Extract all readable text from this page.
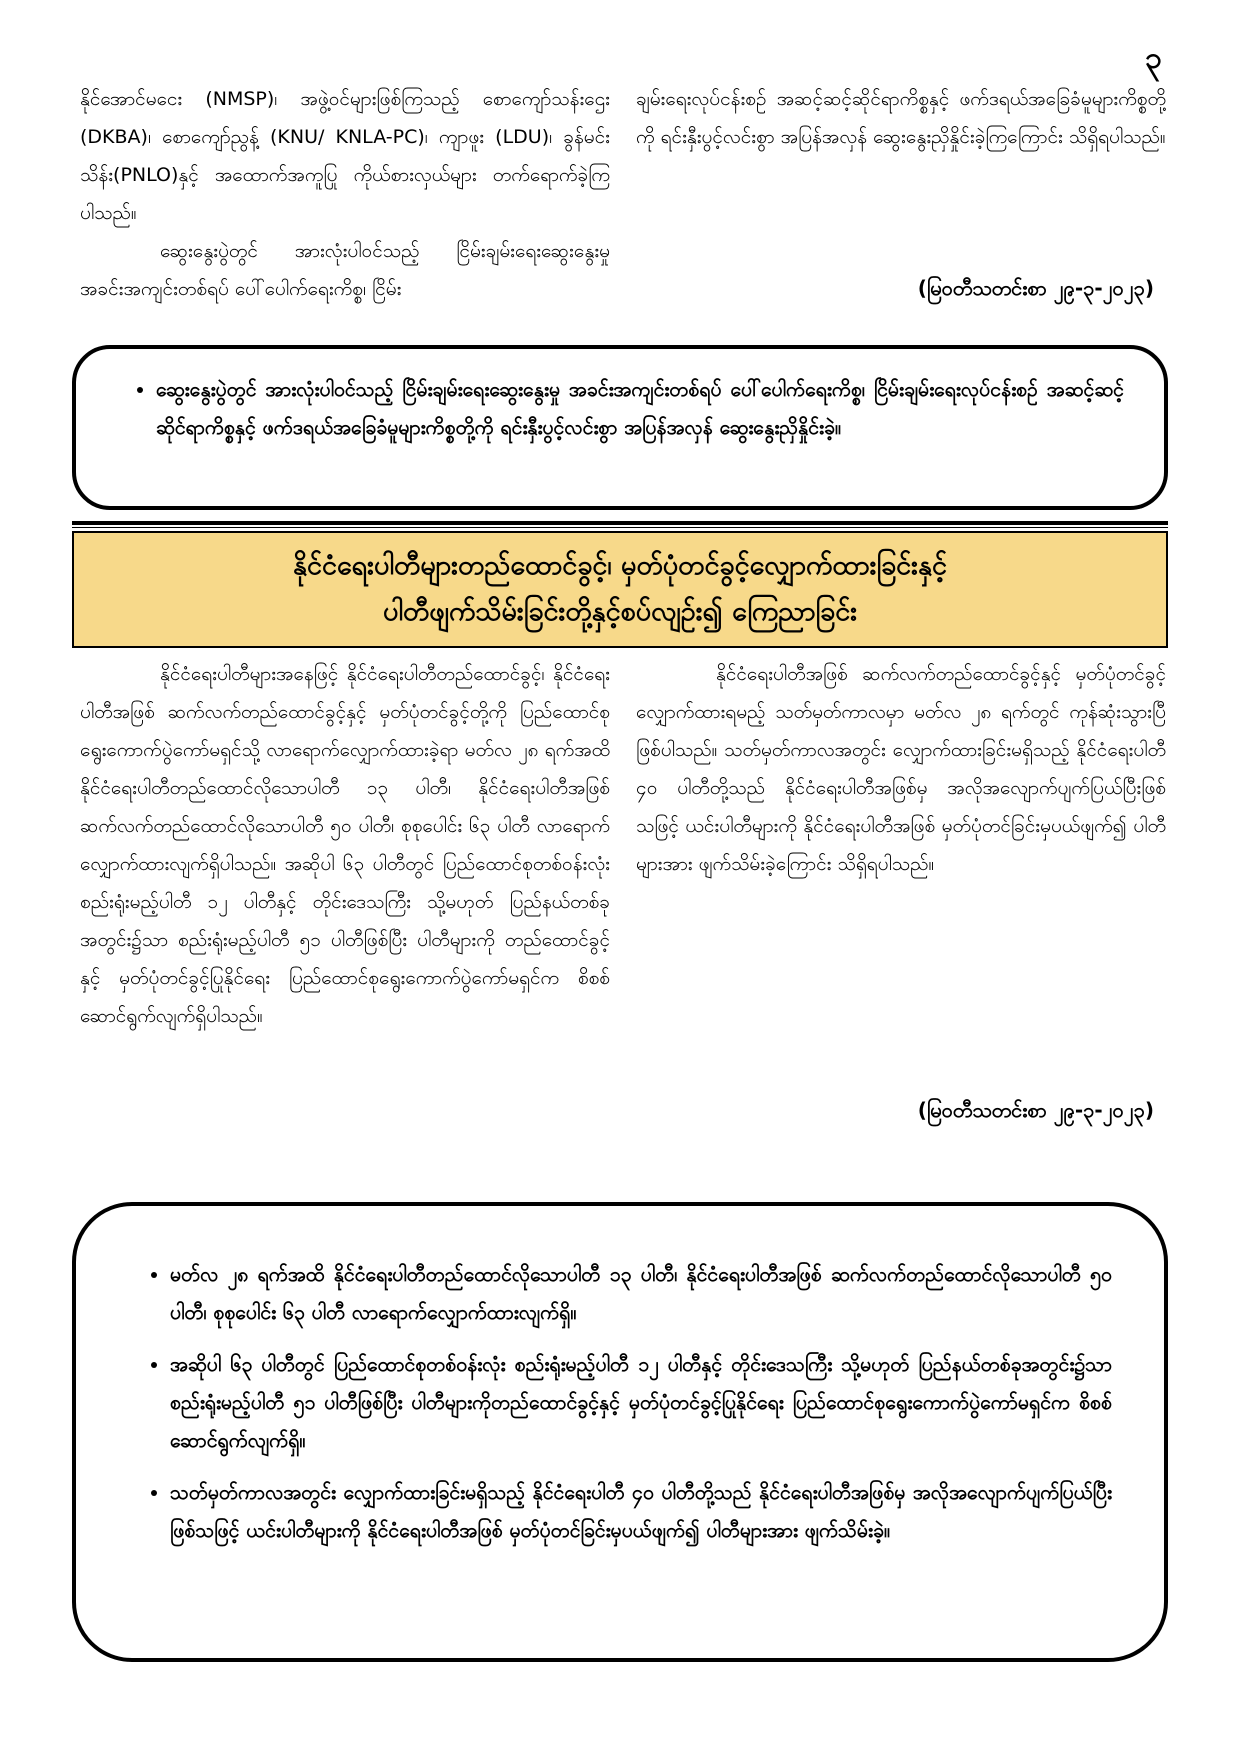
၃

နိုင်အောင်မငေး (NMSP)၊ အဖွဲ့ဝင်များဖြစ်ကြသည့် စောကျော်သန်းဌေး (DKBA)၊ စောကျော်ညွန့် (KNU/ KNLA-PC)၊ ကျာဖူး (LDU)၊ ခွန်မင်းသိန်း(PNLO)နှင့် အထောက်အကူပြု ကိုယ်စားလှယ်များ တက်ရောက်ခဲ့ကြပါသည်။

ဆွေးနွေးပွဲတွင် အားလုံးပါဝင်သည့် ငြိမ်းချမ်းရေးဆွေးနွေးမှု အခင်းအကျင်းတစ်ရပ် ပေါ်ပေါက်ရေးကိစ္စ၊ ငြိမ်း

ချမ်းရေးလုပ်ငန်းစဉ် အဆင့်ဆင့်ဆိုင်ရာကိစ္စနှင့် ဖက်ဒရယ်အခြေခံမူများကိစ္စတို့ကို ရင်းနှီးပွင့်လင်းစွာ အပြန်အလှန် ဆွေးနွေးညှိနှိုင်းခဲ့ကြကြောင်း သိရှိရပါသည်။

(မြဝတီသတင်းစာ ၂၉-၃-၂၀၂၃)
• ဆွေးနွေးပွဲတွင် အားလုံးပါဝင်သည့် ငြိမ်းချမ်းရေးဆွေးနွေးမှု အခင်းအကျင်းတစ်ရပ် ပေါ်ပေါက်ရေးကိစ္စ၊ ငြိမ်းချမ်းရေးလုပ်ငန်းစဉ် အဆင့်ဆင့်ဆိုင်ရာကိစ္စနှင့် ဖက်ဒရယ်အခြေခံမူများကိစ္စတို့ကို ရင်းနှီးပွင့်လင်းစွာ အပြန်အလှန် ဆွေးနွေးညှိနှိုင်းခဲ့။
နိုင်ငံရေးပါတီများတည်ထောင်ခွင့်၊ မှတ်ပုံတင်ခွင့်လျှောက်ထားခြင်းနှင့်
ပါတီဖျက်သိမ်းခြင်းတို့နှင့်စပ်လျဉ်း၍ ကြေညာခြင်း

နိုင်ငံရေးပါတီများအနေဖြင့် နိုင်ငံရေးပါတီတည်ထောင်ခွင့်၊ နိုင်ငံရေးပါတီအဖြစ် ဆက်လက်တည်ထောင်ခွင့်နှင့် မှတ်ပုံတင်ခွင့်တို့ကို ပြည်ထောင်စုရွေးကောက်ပွဲကော်မရှင်သို့ လာရောက်လျှောက်ထားခဲ့ရာ မတ်လ ၂၈ ရက်အထိ နိုင်ငံရေးပါတီတည်ထောင်လိုသောပါတီ ၁၃ ပါတီ၊ နိုင်ငံရေးပါတီအဖြစ် ဆက်လက်တည်ထောင်လိုသောပါတီ ၅၀ ပါတီ၊ စုစုပေါင်း ၆၃ ပါတီ လာရောက်လျှောက်ထားလျက်ရှိပါသည်။ အဆိုပါ ၆၃ ပါတီတွင် ပြည်ထောင်စုတစ်ဝန်းလုံးစည်းရုံးမည့်ပါတီ ၁၂ ပါတီနှင့် တိုင်းဒေသကြီး သို့မဟုတ် ပြည်နယ်တစ်ခုအတွင်း၌သာ စည်းရုံးမည့်ပါတီ ၅၁ ပါတီဖြစ်ပြီး ပါတီများကို တည်ထောင်ခွင့်နှင့် မှတ်ပုံတင်ခွင့်ပြုနိုင်ရေး ပြည်ထောင်စုရွေးကောက်ပွဲကော်မရှင်က စိစစ်ဆောင်ရွက်လျက်ရှိပါသည်။

နိုင်ငံရေးပါတီအဖြစ် ဆက်လက်တည်ထောင်ခွင့်နှင့် မှတ်ပုံတင်ခွင့်လျှောက်ထားရမည့် သတ်မှတ်ကာလမှာ မတ်လ ၂၈ ရက်တွင် ကုန်ဆုံးသွားပြီဖြစ်ပါသည်။ သတ်မှတ်ကာလအတွင်း လျှောက်ထားခြင်းမရှိသည့် နိုင်ငံရေးပါတီ ၄၀ ပါတီတို့သည် နိုင်ငံရေးပါတီအဖြစ်မှ အလိုအလျောက်ပျက်ပြယ်ပြီးဖြစ်သဖြင့် ယင်းပါတီများကို နိုင်ငံရေးပါတီအဖြစ် မှတ်ပုံတင်ခြင်းမှပယ်ဖျက်၍ ပါတီများအား ဖျက်သိမ်းခဲ့ကြောင်း သိရှိရပါသည်။

(မြဝတီသတင်းစာ ၂၉-၃-၂၀၂၃)
• မတ်လ ၂၈ ရက်အထိ နိုင်ငံရေးပါတီတည်ထောင်လိုသောပါတီ ၁၃ ပါတီ၊ နိုင်ငံရေးပါတီအဖြစ် ဆက်လက်တည်ထောင်လိုသောပါတီ ၅၀ ပါတီ၊ စုစုပေါင်း ၆၃ ပါတီ လာရောက်လျှောက်ထားလျက်ရှိ။
• အဆိုပါ ၆၃ ပါတီတွင် ပြည်ထောင်စုတစ်ဝန်းလုံး စည်းရုံးမည့်ပါတီ ၁၂ ပါတီနှင့် တိုင်းဒေသကြီး သို့မဟုတ် ပြည်နယ်တစ်ခုအတွင်း၌သာ စည်းရုံးမည့်ပါတီ ၅၁ ပါတီဖြစ်ပြီး ပါတီများကိုတည်ထောင်ခွင့်နှင့် မှတ်ပုံတင်ခွင့်ပြုနိုင်ရေး ပြည်ထောင်စုရွေးကောက်ပွဲကော်မရှင်က စိစစ်ဆောင်ရွက်လျက်ရှိ။
• သတ်မှတ်ကာလအတွင်း လျှောက်ထားခြင်းမရှိသည့် နိုင်ငံရေးပါတီ ၄၀ ပါတီတို့သည် နိုင်ငံရေးပါတီအဖြစ်မှ အလိုအလျောက်ပျက်ပြယ်ပြီးဖြစ်သဖြင့် ယင်းပါတီများကို နိုင်ငံရေးပါတီအဖြစ် မှတ်ပုံတင်ခြင်းမှပယ်ဖျက်၍ ပါတီများအား ဖျက်သိမ်းခဲ့။
